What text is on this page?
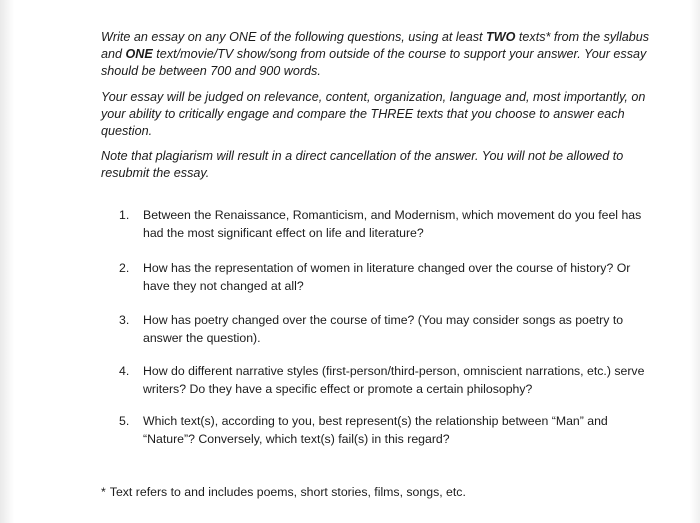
Write an essay on any ONE of the following questions, using at least TWO texts* from the syllabus and ONE text/movie/TV show/song from outside of the course to support your answer. Your essay should be between 700 and 900 words.

Your essay will be judged on relevance, content, organization, language and, most importantly, on your ability to critically engage and compare the THREE texts that you choose to answer each question.

Note that plagiarism will result in a direct cancellation of the answer. You will not be allowed to resubmit the essay.

1. Between the Renaissance, Romanticism, and Modernism, which movement do you feel has had the most significant effect on life and literature?
2. How has the representation of women in literature changed over the course of history? Or have they not changed at all?
3. How has poetry changed over the course of time? (You may consider songs as poetry to answer the question).
4. How do different narrative styles (first-person/third-person, omniscient narrations, etc.) serve writers? Do they have a specific effect or promote a certain philosophy?
5. Which text(s), according to you, best represent(s) the relationship between “Man” and “Nature”? Conversely, which text(s) fail(s) in this regard?
* Text refers to and includes poems, short stories, films, songs, etc.
